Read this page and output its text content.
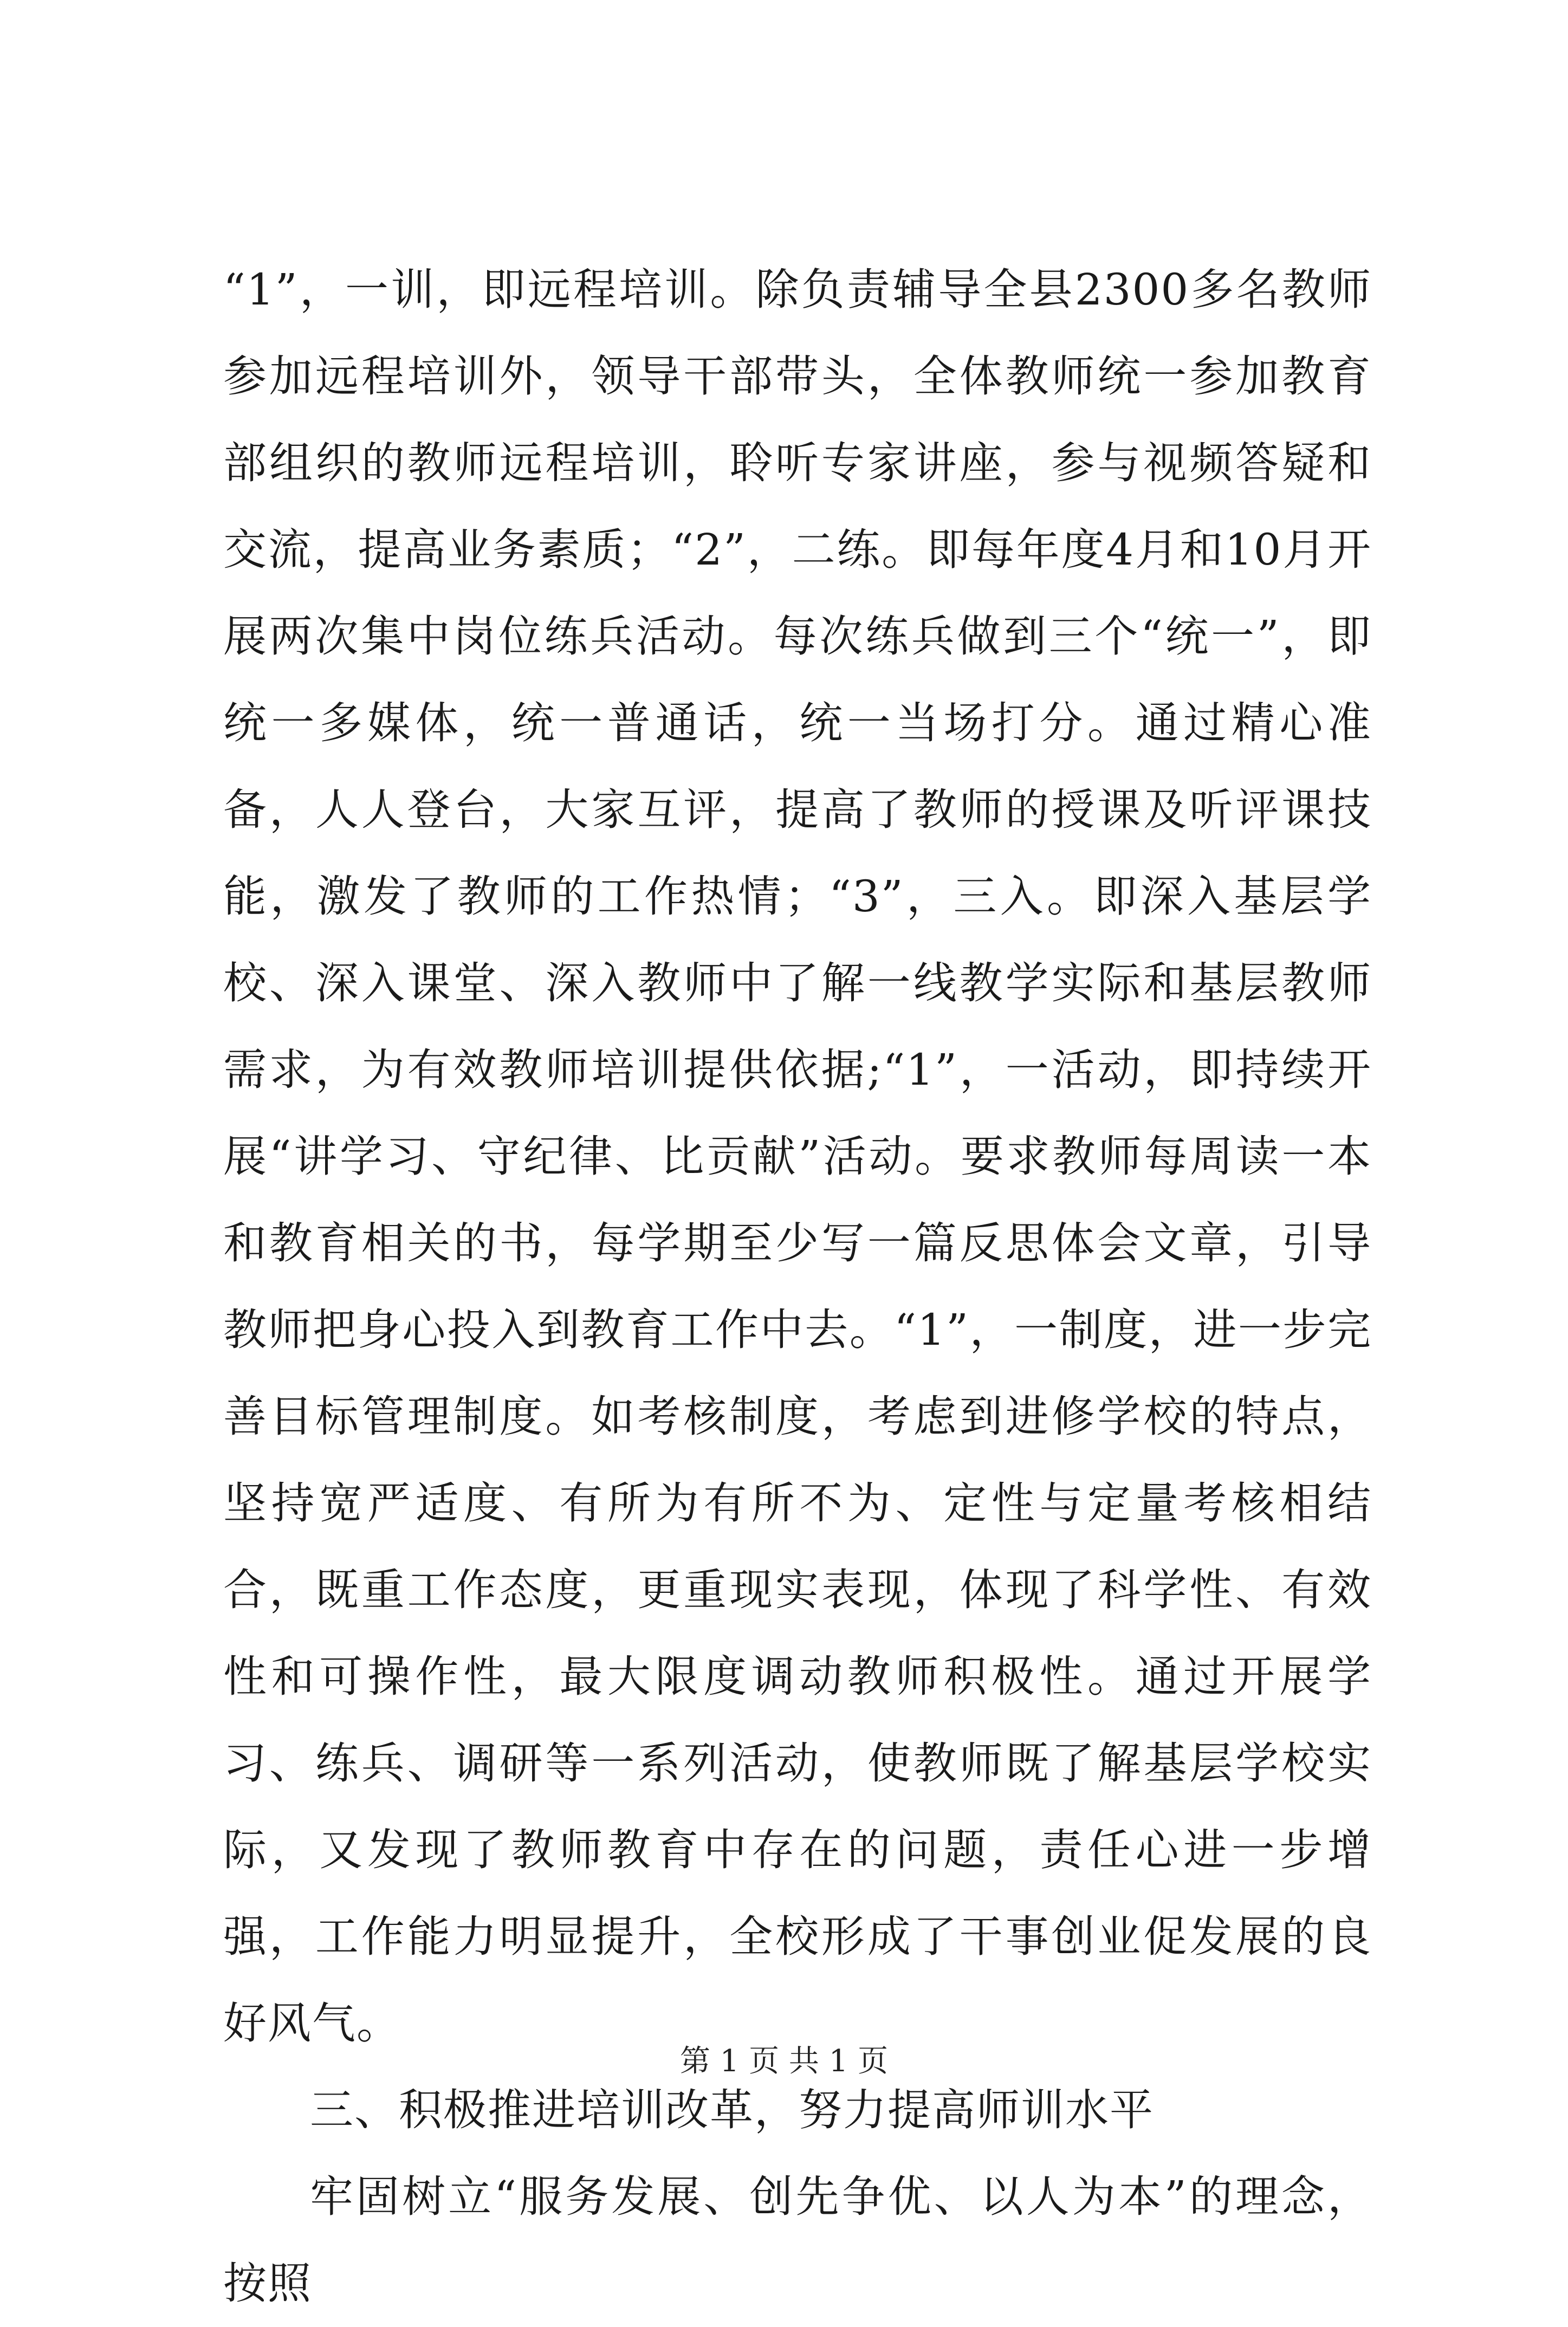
“1”，一训，即远程培训。除负责辅导全县2300多名教师参加远程培训外，领导干部带头，全体教师统一参加教育部组织的教师远程培训，聆听专家讲座，参与视频答疑和交流，提高业务素质；“2”，二练。即每年度4月和10月开展两次集中岗位练兵活动。每次练兵做到三个“统一”，即统一多媒体，统一普通话，统一当场打分。通过精心准备，人人登台，大家互评，提高了教师的授课及听评课技能，激发了教师的工作热情；“3”，三入。即深入基层学校、深入课堂、深入教师中了解一线教学实际和基层教师需求，为有效教师培训提供依据;“1”，一活动，即持续开展“讲学习、守纪律、比贡献”活动。要求教师每周读一本和教育相关的书，每学期至少写一篇反思体会文章，引导教师把身心投入到教育工作中去。“1”，一制度，进一步完善目标管理制度。如考核制度，考虑到进修学校的特点，坚持宽严适度、有所为有所不为、定性与定量考核相结合，既重工作态度，更重现实表现，体现了科学性、有效性和可操作性，最大限度调动教师积极性。通过开展学习、练兵、调研等一系列活动，使教师既了解基层学校实际，又发现了教师教育中存在的问题，责任心进一步增强，工作能力明显提升，全校形成了干事创业促发展的良好风气。

三、积极推进培训改革，努力提高师训水平

牢固树立“服务发展、创先争优、以人为本”的理念，按照

第 1 页 共 1 页
